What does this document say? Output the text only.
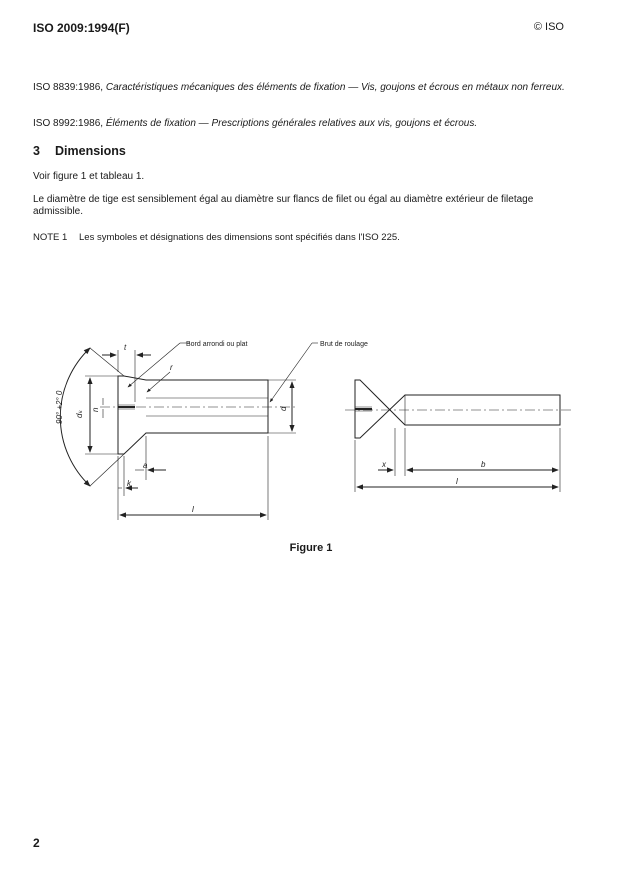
ISO 2009:1994(F)	© ISO
ISO 8839:1986, Caractéristiques mécaniques des éléments de fixation — Vis, goujons et écrous en métaux non ferreux.
ISO 8992:1986, Éléments de fixation — Prescriptions générales relatives aux vis, goujons et écrous.
3 Dimensions
Voir figure 1 et tableau 1.
Le diamètre de tige est sensiblement égal au diamètre sur flancs de filet ou égal au diamètre extérieur de filetage admissible.
NOTE 1 Les symboles et désignations des dimensions sont spécifiés dans l'ISO 225.
Bord arrondi ou plat	Brut de roulage
90° +2° 0 dₖ
n
t
r
d
a
k
l
x	b
l
Figure 1
2
